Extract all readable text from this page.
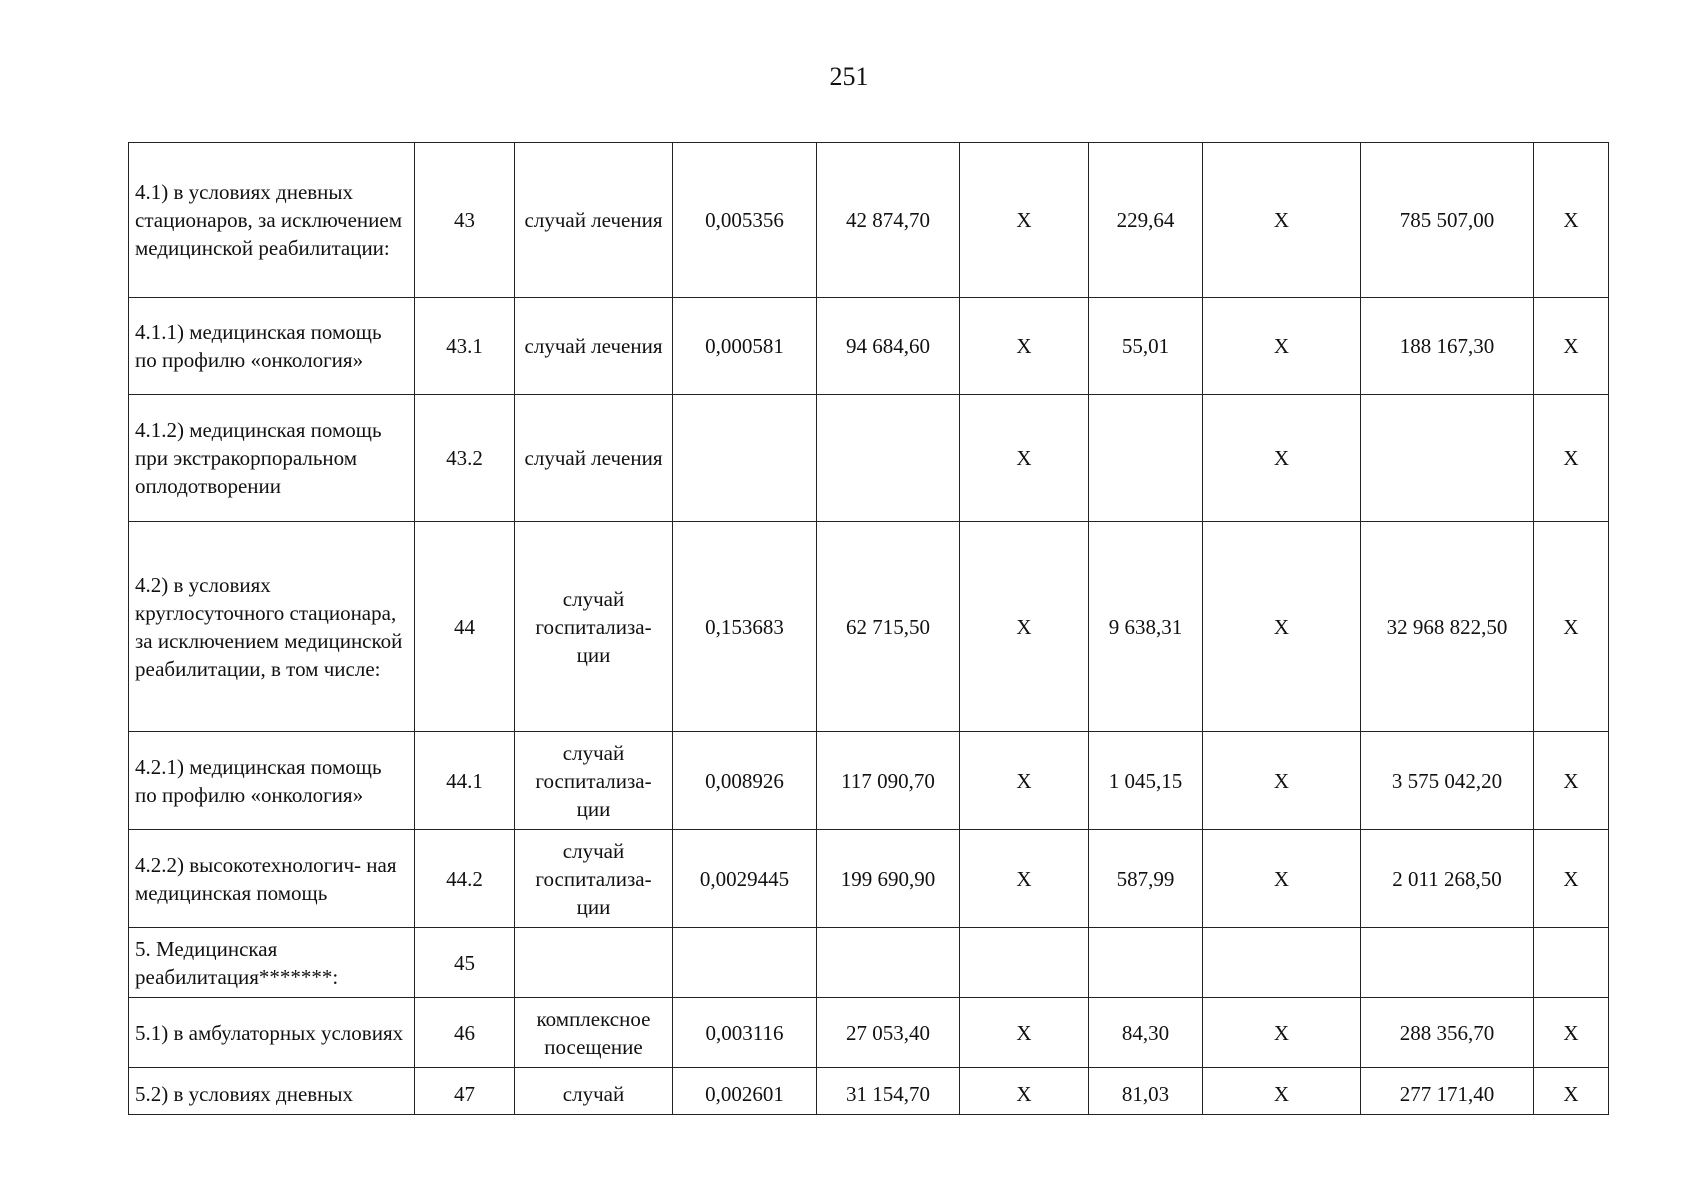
251
4.1) в условиях дневных стационаров, за исключением медицинской реабилитации:	43	случай лечения	0,005356	42 874,70	Х	229,64	Х	785 507,00	Х
4.1.1) медицинская помощь по профилю «онкология»	43.1	случай лечения	0,000581	94 684,60	Х	55,01	Х	188 167,30	Х
4.1.2) медицинская помощь при экстракорпоральном оплодотворении	43.2	случай лечения			Х		Х		Х
4.2) в условиях круглосуточного стационара, за исключением медицинской реабилитации, в том числе:	44	случай госпитализа- ции	0,153683	62 715,50	Х	9 638,31	Х	32 968 822,50	Х
4.2.1) медицинская помощь по профилю «онкология»	44.1	случай госпитализа- ции	0,008926	117 090,70	Х	1 045,15	Х	3 575 042,20	Х
4.2.2) высокотехнологич- ная медицинская помощь	44.2	случай госпитализа- ции	0,0029445	199 690,90	Х	587,99	Х	2 011 268,50	Х
5. Медицинская реабилитация*******:	45								
5.1) в амбулаторных условиях	46	комплексное посещение	0,003116	27 053,40	Х	84,30	Х	288 356,70	Х
5.2) в условиях дневных	47	случай	0,002601	31 154,70	Х	81,03	Х	277 171,40	Х
